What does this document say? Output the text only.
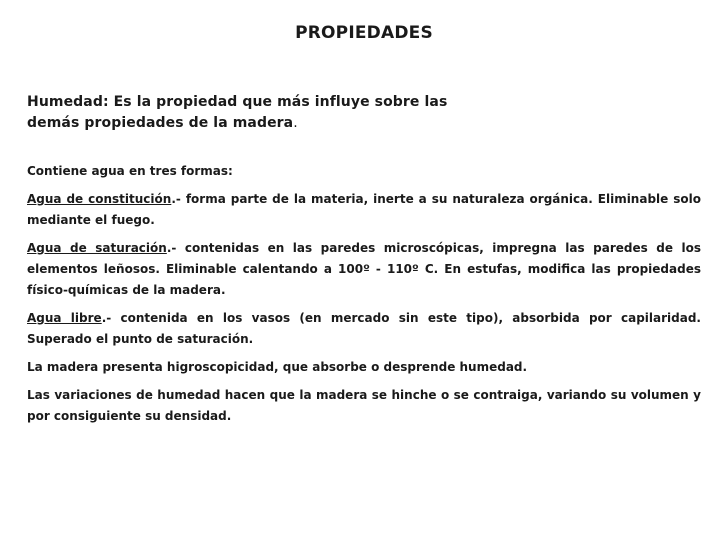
PROPIEDADES
Humedad: Es la propiedad que más influye sobre las demás propiedades de la madera.

Contiene agua en tres formas:

Agua de constitución.- forma parte de la materia, inerte a su naturaleza orgánica. Eliminable solo mediante el fuego.

Agua de saturación.- contenidas en las paredes microscópicas, impregna las paredes de los elementos leñosos. Eliminable calentando a 100º - 110º C. En estufas, modifica las propiedades físico-químicas de la madera.

Agua libre.- contenida en los vasos (en mercado sin este tipo), absorbida por capilaridad. Superado el punto de saturación.

La madera presenta higroscopicidad, que absorbe o desprende humedad.

Las variaciones de humedad hacen que la madera se hinche o se contraiga, variando su volumen y por consiguiente su densidad.
